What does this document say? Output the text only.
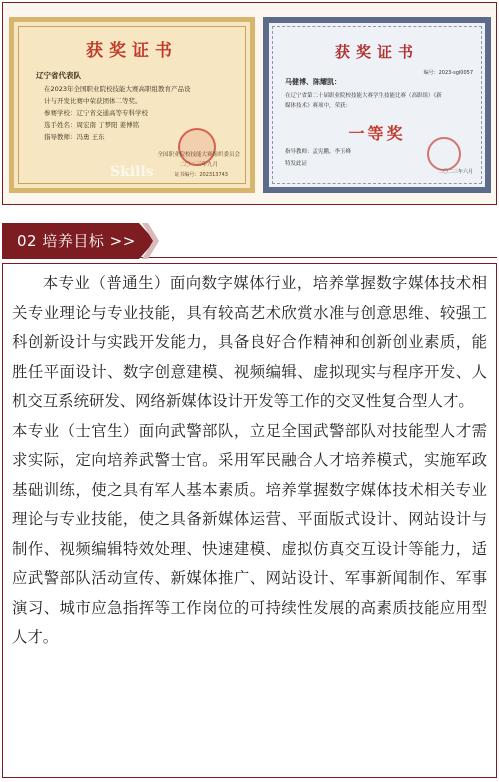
获奖证书
辽宁省代表队
在2023年全国职业院校技能大赛高职组教育产品设
计与开发比赛中荣获团体二等奖。
参赛学校：辽宁省交通高等专科学校
选手姓名：周宏南 丁梦阳 姜博铭
指导教师：冯勇 王东
全国职业院校技能大赛组织委员会
二〇二三年九月
证书编号：202313743
Skills
获奖证书
编号：2023-sgl0057
马健博、陈耀凯：
在辽宁省第二十届职业院校技能大赛学生技能比赛（高职组）《新
媒体技术》赛项中，荣获：
一等奖
指导教师：孟宪鹏，李玉峰
特发此证
二〇二三年六月
02 培养目标 >>

本专业（普通生）面向数字媒体行业，培养掌握数字媒体技术相关专业理论与专业技能，具有较高艺术欣赏水准与创意思维、较强工科创新设计与实践开发能力，具备良好合作精神和创新创业素质，能胜任平面设计、数字创意建模、视频编辑、虚拟现实与程序开发、人机交互系统研发、网络新媒体设计开发等工作的交叉性复合型人才。

本专业（士官生）面向武警部队，立足全国武警部队对技能型人才需求实际，定向培养武警士官。采用军民融合人才培养模式，实施军政基础训练，使之具有军人基本素质。培养掌握数字媒体技术相关专业理论与专业技能，使之具备新媒体运营、平面版式设计、网站设计与制作、视频编辑特效处理、快速建模、虚拟仿真交互设计等能力，适应武警部队活动宣传、新媒体推广、网站设计、军事新闻制作、军事演习、城市应急指挥等工作岗位的可持续性发展的高素质技能应用型人才。
